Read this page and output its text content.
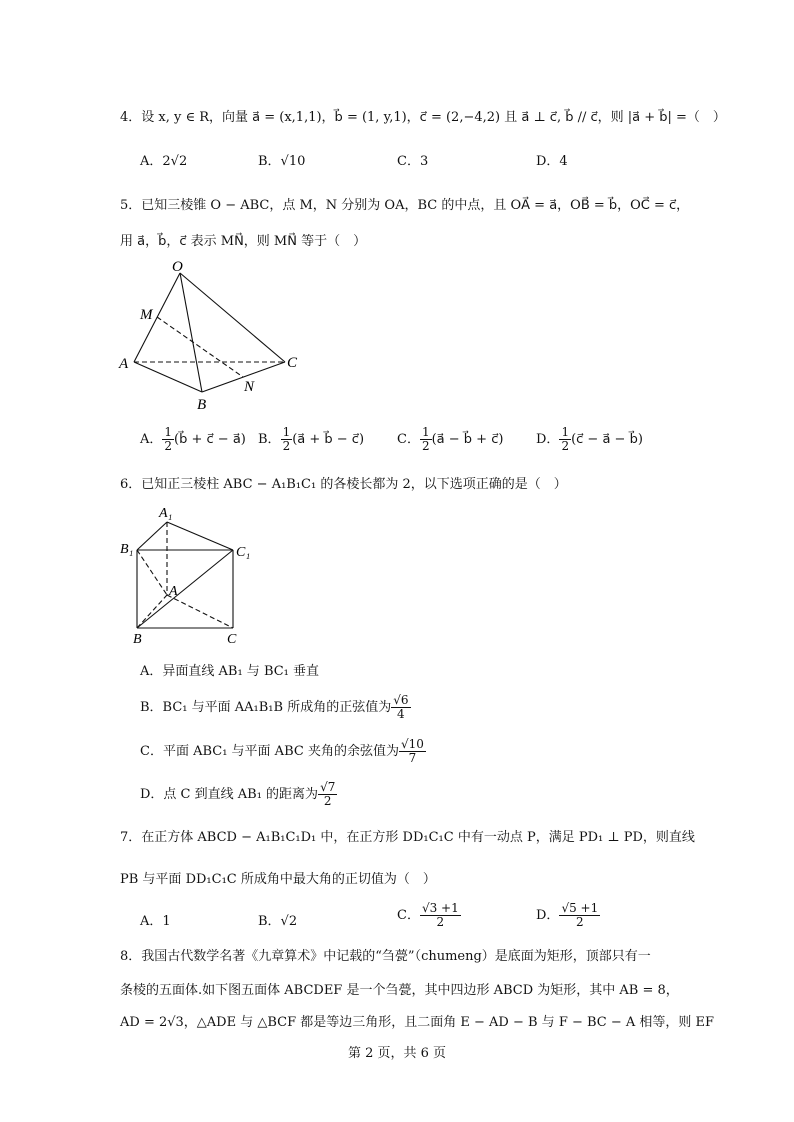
4．设 x, y ∈ R，向量 a⃗ = (x,1,1)，b⃗ = (1, y,1)，c⃗ = (2,−4,2) 且 a⃗ ⊥ c⃗, b⃗ // c⃗，则 |a⃗ + b⃗| =（　）
A．2√2	B．√10	C．3	D．4
5．已知三棱锥 O − ABC，点 M，N 分别为 OA，BC 的中点，且 OA⃗ = a⃗，OB⃗ = b⃗，OC⃗ = c⃗，
用 a⃗，b⃗，c⃗ 表示 MN⃗，则 MN⃗ 等于（　）
O
M
A	C
N
B
A． $\frac{1}{2}$ (b⃗ + c⃗ − a⃗) B． $\frac{1}{2}$ (a⃗ + b⃗ − c⃗)	C． $\frac{1}{2}$ (a⃗ − b⃗ + c⃗)	D． $\frac{1}{2}$ (c⃗ − a⃗ − b⃗)
6．已知正三棱柱 ABC − A₁B₁C₁ 的各棱长都为 2，以下选项正确的是（　）
A₁
B₁	C₁
A
B	C
A．异面直线 AB₁ 与 BC₁ 垂直
B．BC₁ 与平面 AA₁B₁B 所成角的正弦值为 $\frac{√6}{4}$
C．平面 ABC₁ 与平面 ABC 夹角的余弦值为 $\frac{√10}{7}$
D．点 C 到直线 AB₁ 的距离为 $\frac{√7}{2}$
7．在正方体 ABCD − A₁B₁C₁D₁ 中，在正方形 DD₁C₁C 中有一动点 P，满足 PD₁ ⊥ PD，则直线
PB 与平面 DD₁C₁C 所成角中最大角的正切值为（　）
A．1	B．√2	C． $\frac{√3 +1}{2}$	D． $\frac{√5 +1}{2}$
8．我国古代数学名著《九章算术》中记载的“刍甍”（chumeng）是底面为矩形，顶部只有一
条棱的五面体.如下图五面体 ABCDEF 是一个刍甍，其中四边形 ABCD 为矩形，其中 AB = 8，
AD = 2√3，△ADE 与 △BCF 都是等边三角形，且二面角 E − AD − B 与 F − BC − A 相等，则 EF
第 2 页，共 6 页
